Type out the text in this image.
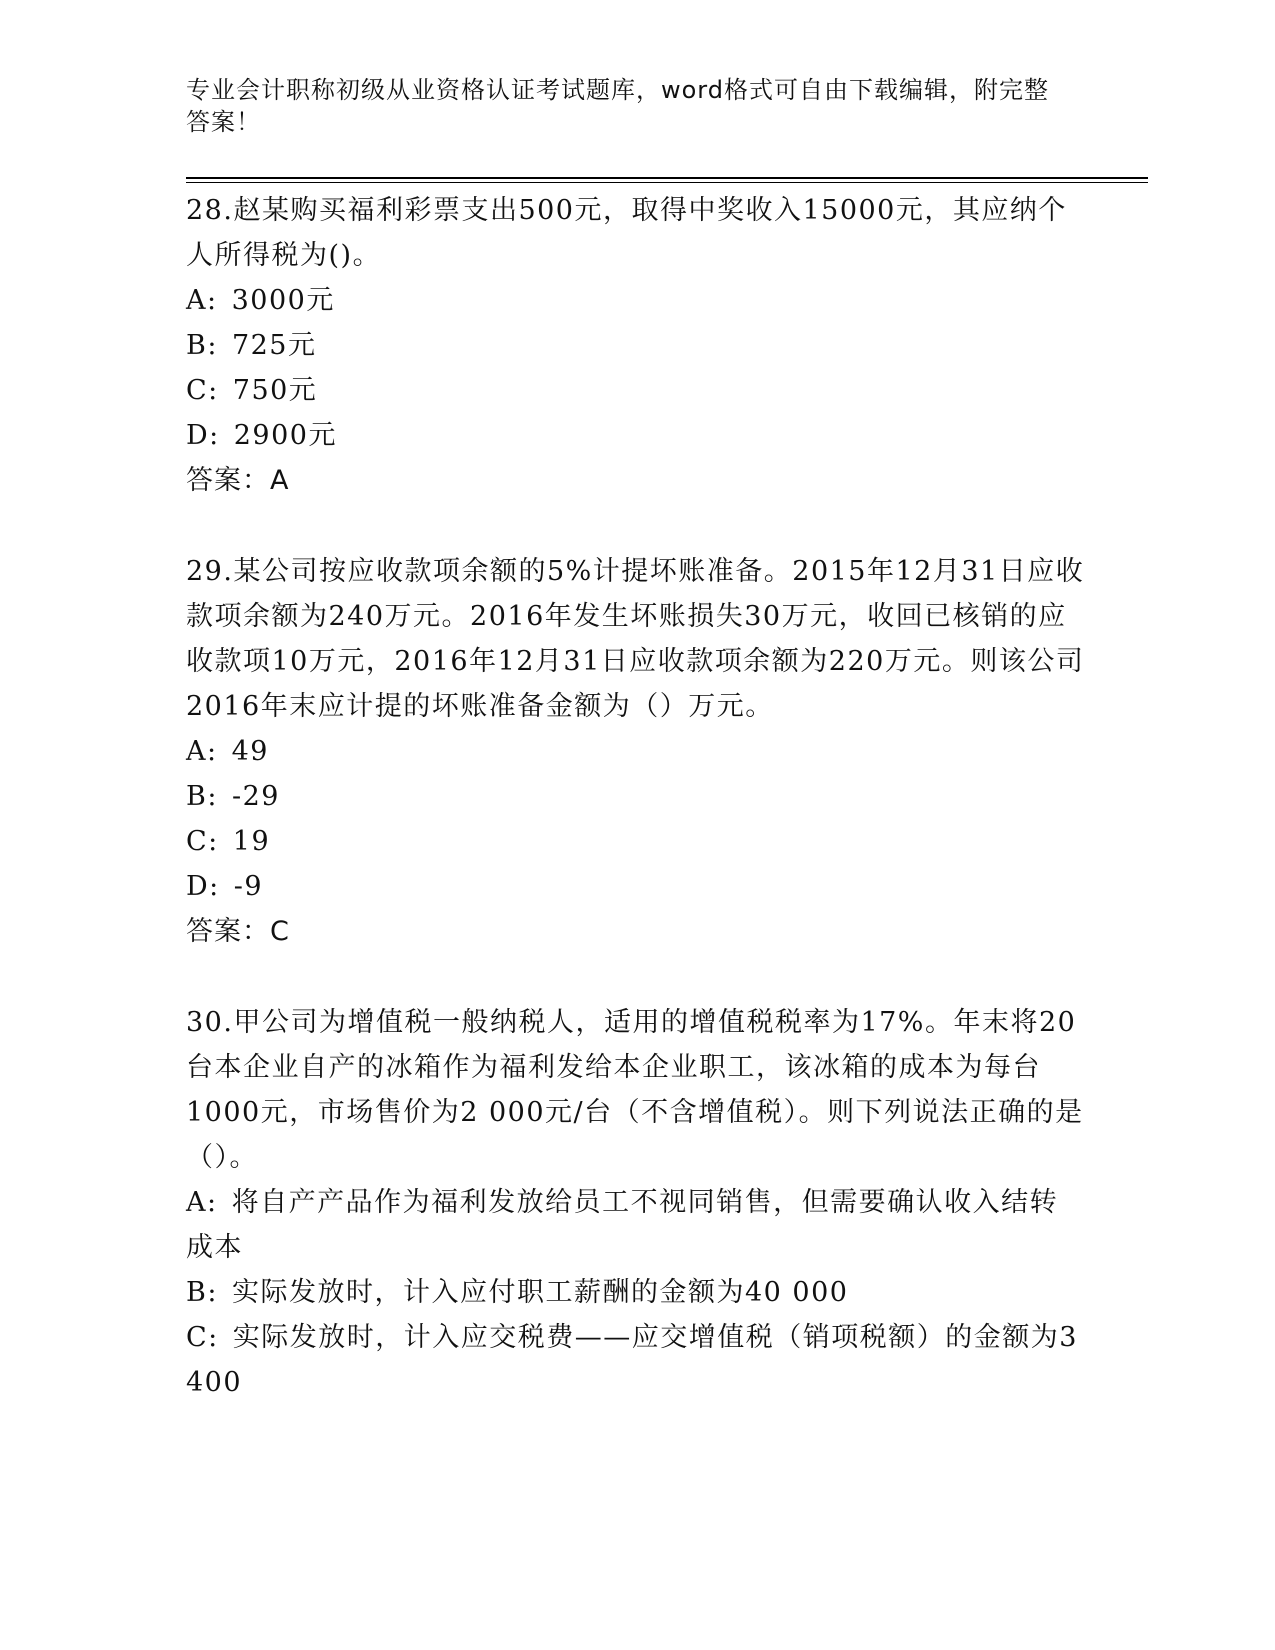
专业会计职称初级从业资格认证考试题库，word格式可自由下载编辑，附完整答案！

28.赵某购买福利彩票支出500元，取得中奖收入15000元，其应纳个人所得税为()。

A: 3000元

B: 725元

C: 750元

D: 2900元

答案：A

29.某公司按应收款项余额的5%计提坏账准备。2015年12月31日应收款项余额为240万元。2016年发生坏账损失30万元，收回已核销的应收款项10万元，2016年12月31日应收款项余额为220万元。则该公司2016年末应计提的坏账准备金额为（）万元。

A: 49

B: -29

C: 19

D: -9

答案：C

30.甲公司为增值税一般纳税人，适用的增值税税率为17%。年末将20台本企业自产的冰箱作为福利发给本企业职工，该冰箱的成本为每台1000元，市场售价为2 000元/台（不含增值税）。则下列说法正确的是（）。

A: 将自产产品作为福利发放给员工不视同销售，但需要确认收入结转成本

B: 实际发放时，计入应付职工薪酬的金额为40 000

C: 实际发放时，计入应交税费——应交增值税（销项税额）的金额为3 400
